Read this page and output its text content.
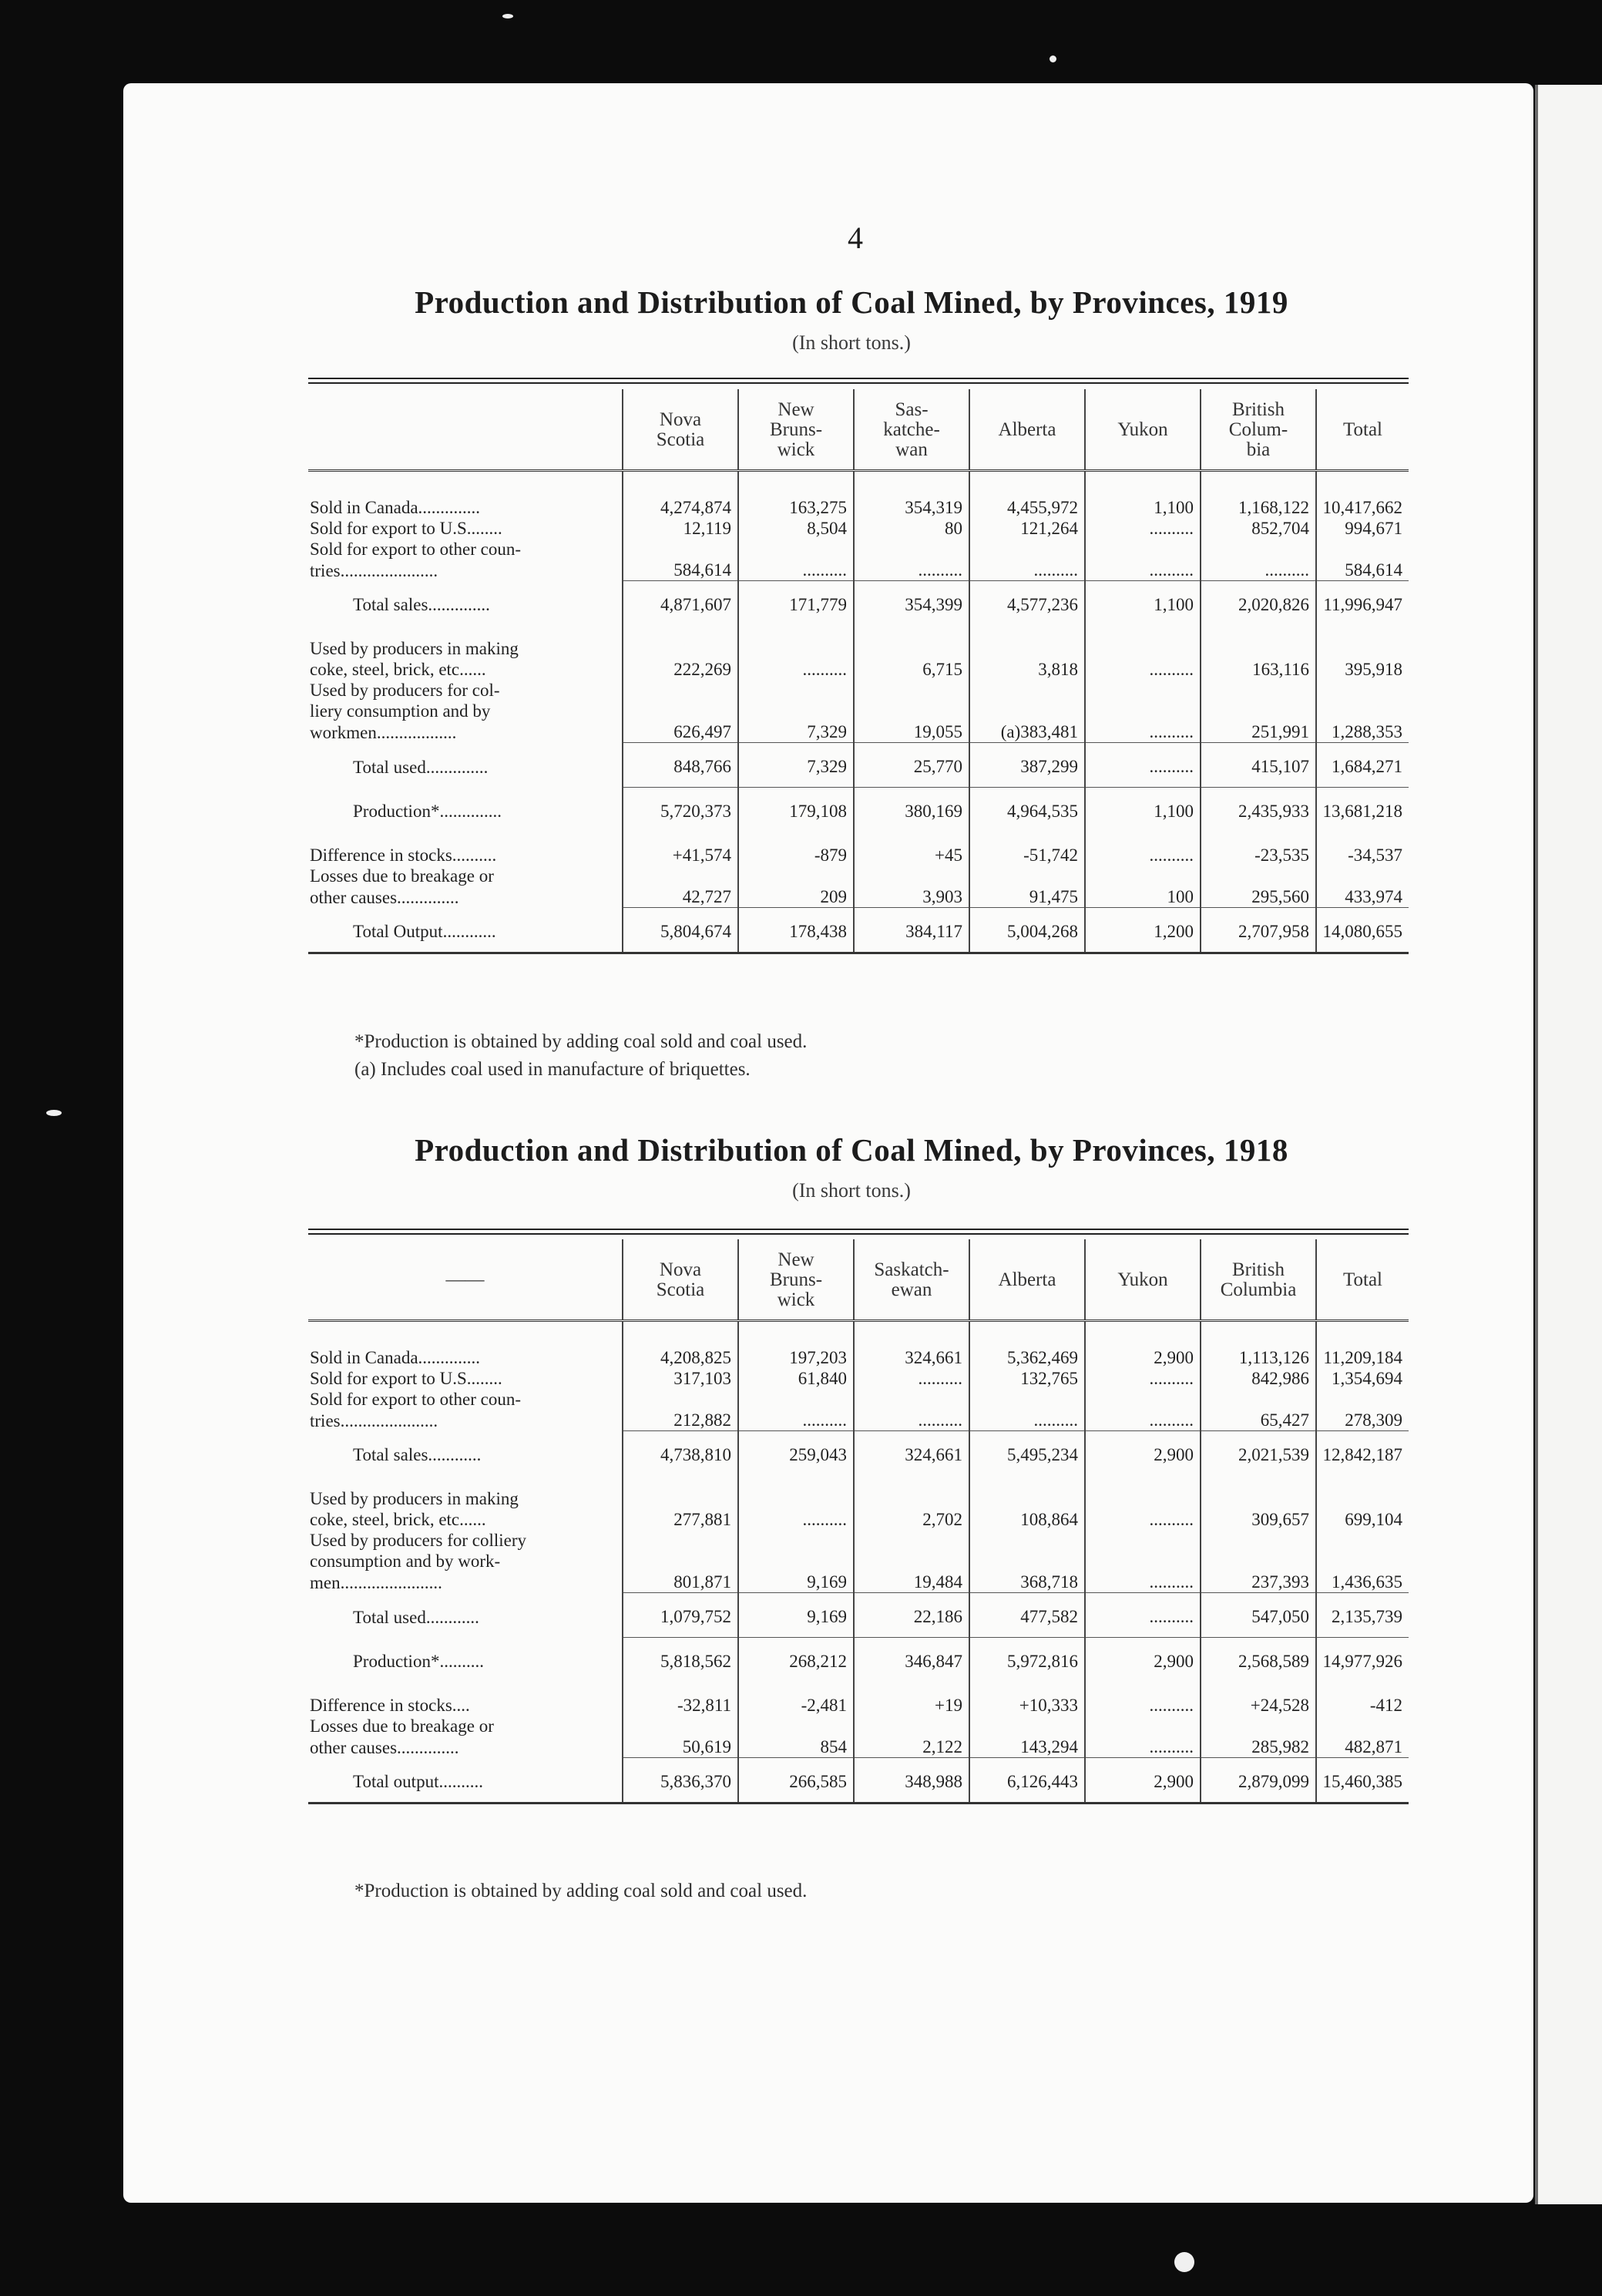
4
Production and Distribution of Coal Mined, by Provinces, 1919
(In short tons.)
	Nova
Scotia	New
Bruns-
wick	Sas-
katche-
wan	Alberta	Yukon	British
Colum-
bia	Total
Sold in Canada..............	4,274,874	163,275	354,319	4,455,972	1,100	1,168,122	10,417,662
Sold for export to U.S........	12,119	8,504	80	121,264	..........	852,704	994,671
Sold for export to other coun-							
tries......................	584,614	..........	..........	..........	..........	..........	584,614
Total sales..............	4,871,607	171,779	354,399	4,577,236	1,100	2,020,826	11,996,947
Used by producers in making							
coke, steel, brick, etc......	222,269	..........	6,715	3,818	..........	163,116	395,918
Used by producers for col-							
liery consumption and by							
workmen..................	626,497	7,329	19,055	(a)383,481	..........	251,991	1,288,353
Total used..............	848,766	7,329	25,770	387,299	..........	415,107	1,684,271
Production*..............	5,720,373	179,108	380,169	4,964,535	1,100	2,435,933	13,681,218
Difference in stocks..........	+41,574	-879	+45	-51,742	..........	-23,535	-34,537
Losses due to breakage or							
other causes..............	42,727	209	3,903	91,475	100	295,560	433,974
Total Output............	5,804,674	178,438	384,117	5,004,268	1,200	2,707,958	14,080,655
*Production is obtained by adding coal sold and coal used.
(a) Includes coal used in manufacture of briquettes.
Production and Distribution of Coal Mined, by Provinces, 1918
(In short tons.)
——	Nova
Scotia	New
Bruns-
wick	Saskatch-
ewan	Alberta	Yukon	British
Columbia	Total
Sold in Canada..............	4,208,825	197,203	324,661	5,362,469	2,900	1,113,126	11,209,184
Sold for export to U.S........	317,103	61,840	..........	132,765	..........	842,986	1,354,694
Sold for export to other coun-							
tries......................	212,882	..........	..........	..........	..........	65,427	278,309
Total sales............	4,738,810	259,043	324,661	5,495,234	2,900	2,021,539	12,842,187
Used by producers in making							
coke, steel, brick, etc......	277,881	..........	2,702	108,864	..........	309,657	699,104
Used by producers for colliery							
consumption and by work-							
men.......................	801,871	9,169	19,484	368,718	..........	237,393	1,436,635
Total used............	1,079,752	9,169	22,186	477,582	..........	547,050	2,135,739
Production*..........	5,818,562	268,212	346,847	5,972,816	2,900	2,568,589	14,977,926
Difference in stocks....	-32,811	-2,481	+19	+10,333	..........	+24,528	-412
Losses due to breakage or							
other causes..............	50,619	854	2,122	143,294	..........	285,982	482,871
Total output..........	5,836,370	266,585	348,988	6,126,443	2,900	2,879,099	15,460,385
*Production is obtained by adding coal sold and coal used.
